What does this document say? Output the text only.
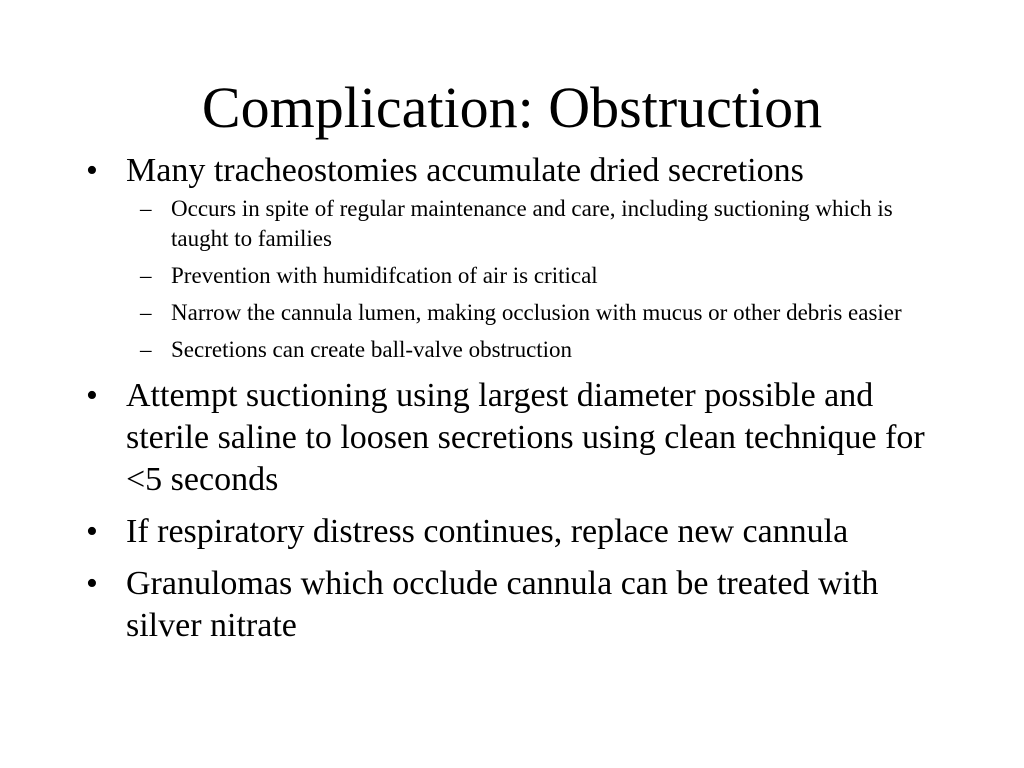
Complication: Obstruction
• Many tracheostomies accumulate dried secretions
– Occurs in spite of regular maintenance and care, including suctioning which is taught to families
– Prevention with humidifcation of air is critical
– Narrow the cannula lumen, making occlusion with mucus or other debris easier
– Secretions can create ball-valve obstruction
• Attempt suctioning using largest diameter possible and sterile saline to loosen secretions using clean technique for <5 seconds
• If respiratory distress continues, replace new cannula
• Granulomas which occlude cannula can be treated with silver nitrate
